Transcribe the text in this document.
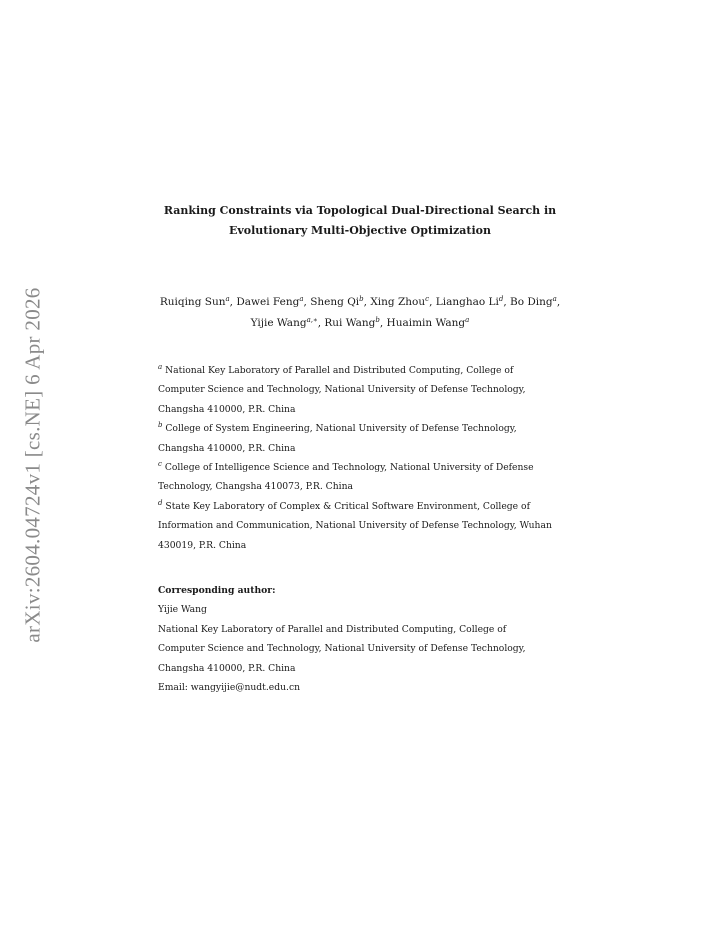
arXiv:2604.04724v1 [cs.NE] 6 Apr 2026
Ranking Constraints via Topological Dual-Directional Search in
Evolutionary Multi-Objective Optimization
Ruiqing Sun$^a$, Dawei Feng$^a$, Sheng Qi$^b$, Xing Zhou$^c$, Lianghao Li$^d$, Bo Ding$^a$,
Yijie Wang$^{a,∗}$, Rui Wang$^b$, Huaimin Wang$^a$
$^a$ National Key Laboratory of Parallel and Distributed Computing, College of
Computer Science and Technology, National University of Defense Technology,
Changsha 410000, P.R. China
$^b$ College of System Engineering, National University of Defense Technology,
Changsha 410000, P.R. China
$^c$ College of Intelligence Science and Technology, National University of Defense
Technology, Changsha 410073, P.R. China
$^d$ State Key Laboratory of Complex & Critical Software Environment, College of
Information and Communication, National University of Defense Technology, Wuhan
430019, P.R. China
Corresponding author:
Yijie Wang
National Key Laboratory of Parallel and Distributed Computing, College of
Computer Science and Technology, National University of Defense Technology,
Changsha 410000, P.R. China
Email: wangyijie@nudt.edu.cn
